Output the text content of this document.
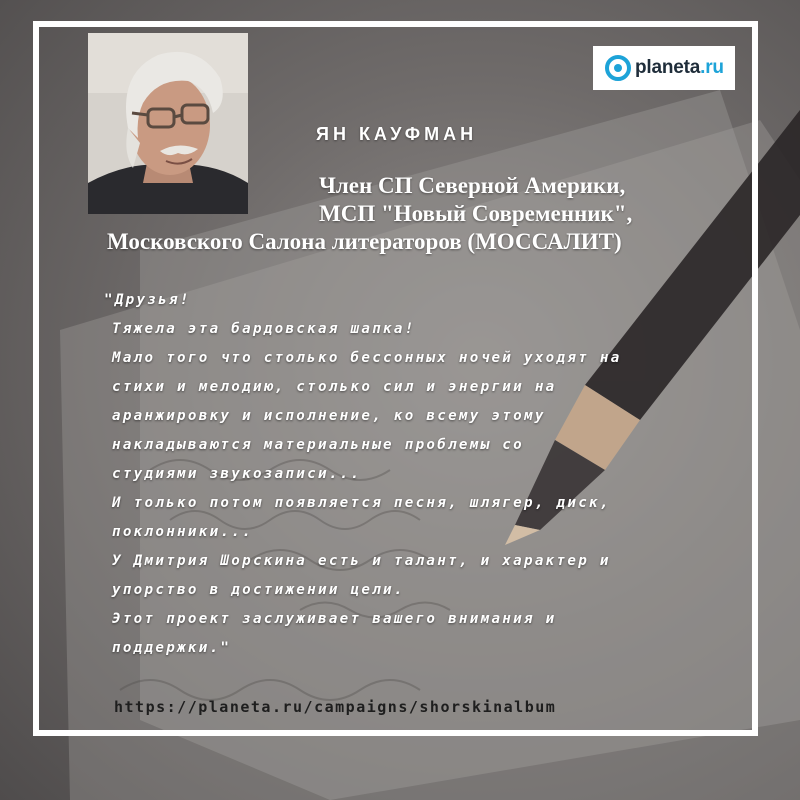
planeta.ru
ЯН КАУФМАН
Член СП Северной Америки,
МСП "Новый Современник",
Московского Салона литераторов (МОССАЛИТ)
"Друзья!
Тяжела эта бардовская шапка!
Мало того что столько бессонных ночей уходят на
стихи и мелодию, столько сил и энергии на
аранжировку и исполнение, ко всему этому
накладываются материальные проблемы со
студиями звукозаписи...
И только потом появляется песня, шлягер, диск,
поклонники...
У Дмитрия Шорскина есть и талант, и характер и
упорство в достижении цели.
Этот проект заслуживает вашего внимания и
поддержки."
https://planeta.ru/campaigns/shorskinalbum
